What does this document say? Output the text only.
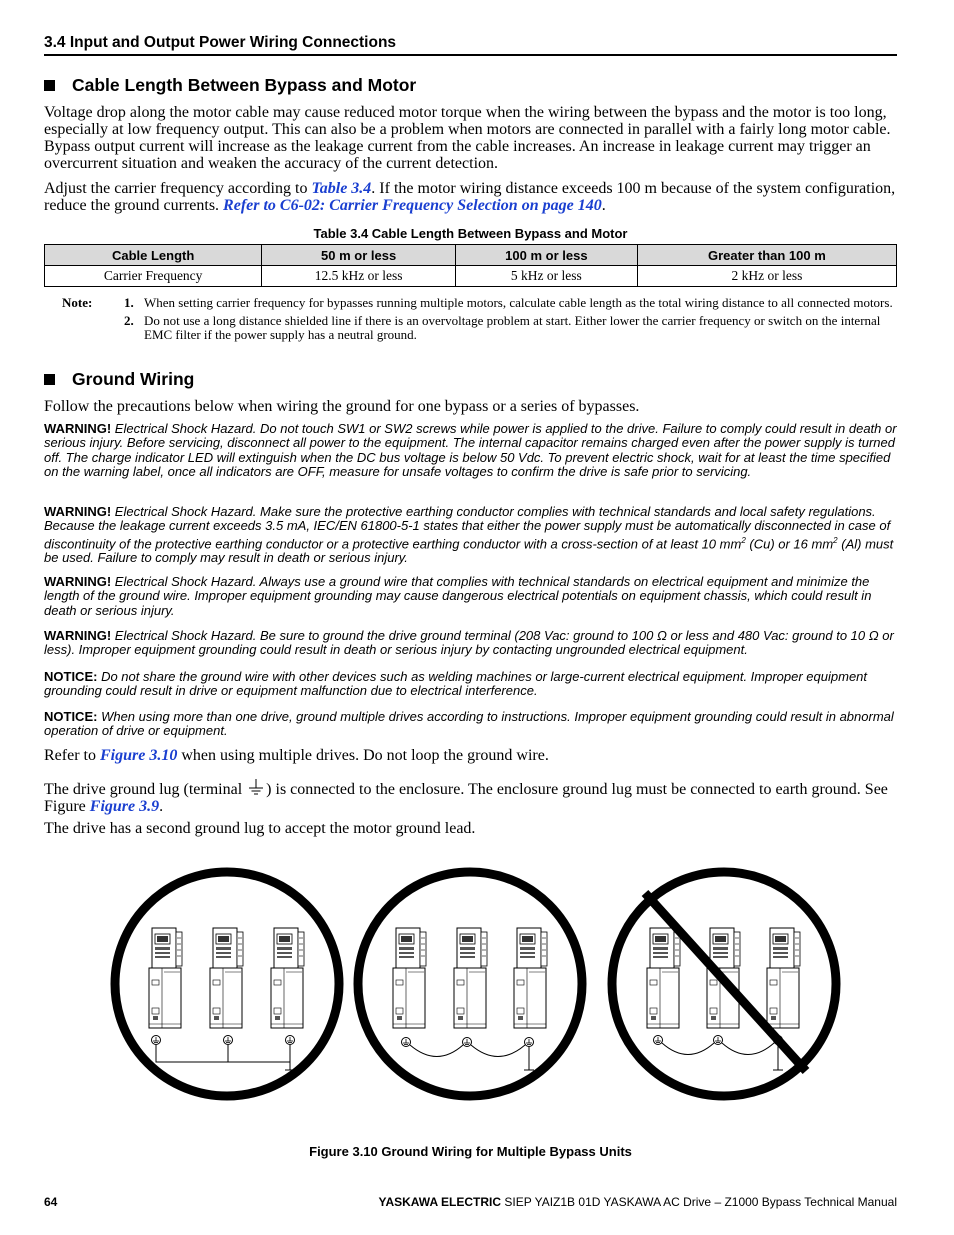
3.4 Input and Output Power Wiring Connections
Cable Length Between Bypass and Motor
Voltage drop along the motor cable may cause reduced motor torque when the wiring between the bypass and the motor is too long, especially at low frequency output. This can also be a problem when motors are connected in parallel with a fairly long motor cable. Bypass output current will increase as the leakage current from the cable increases. An increase in leakage current may trigger an overcurrent situation and weaken the accuracy of the current detection.
Adjust the carrier frequency according to Table 3.4. If the motor wiring distance exceeds 100 m because of the system configuration, reduce the ground currents. Refer to C6-02: Carrier Frequency Selection on page 140.
Table 3.4 Cable Length Between Bypass and Motor
Cable Length	50 m or less	100 m or less	Greater than 100 m
Carrier Frequency	12.5 kHz or less	5 kHz or less	2 kHz or less
Note:	1. When setting carrier frequency for bypasses running multiple motors, calculate cable length as the total wiring distance to all connected motors.
2. Do not use a long distance shielded line if there is an overvoltage problem at start. Either lower the carrier frequency or switch on the internal EMC filter if the power supply has a neutral ground.
Ground Wiring
Follow the precautions below when wiring the ground for one bypass or a series of bypasses.
WARNING! Electrical Shock Hazard. Do not touch SW1 or SW2 screws while power is applied to the drive. Failure to comply could result in death or serious injury. Before servicing, disconnect all power to the equipment. The internal capacitor remains charged even after the power supply is turned off. The charge indicator LED will extinguish when the DC bus voltage is below 50 Vdc. To prevent electric shock, wait for at least the time specified on the warning label, once all indicators are OFF, measure for unsafe voltages to confirm the drive is safe prior to servicing.
WARNING! Electrical Shock Hazard. Make sure the protective earthing conductor complies with technical standards and local safety regulations. Because the leakage current exceeds 3.5 mA, IEC/EN 61800-5-1 states that either the power supply must be automatically disconnected in case of discontinuity of the protective earthing conductor or a protective earthing conductor with a cross-section of at least 10 $mm^2$ (Cu) or 16 $mm^2$ (Al) must be used. Failure to comply may result in death or serious injury.
WARNING! Electrical Shock Hazard. Always use a ground wire that complies with technical standards on electrical equipment and minimize the length of the ground wire. Improper equipment grounding may cause dangerous electrical potentials on equipment chassis, which could result in death or serious injury.
WARNING! Electrical Shock Hazard. Be sure to ground the drive ground terminal (208 Vac: ground to 100 Ω or less and 480 Vac: ground to 10 Ω or less). Improper equipment grounding could result in death or serious injury by contacting ungrounded electrical equipment.
NOTICE: Do not share the ground wire with other devices such as welding machines or large-current electrical equipment. Improper equipment grounding could result in drive or equipment malfunction due to electrical interference.
NOTICE: When using more than one drive, ground multiple drives according to instructions. Improper equipment grounding could result in abnormal operation of drive or equipment.
Refer to Figure 3.10 when using multiple drives. Do not loop the ground wire.
The drive ground lug (terminal ) is connected to the enclosure. The enclosure ground lug must be connected to earth ground. See Figure Figure 3.9.
The drive has a second ground lug to accept the motor ground lead.
Figure 3.10 Ground Wiring for Multiple Bypass Units
64	YASKAWA ELECTRIC SIEP YAIZ1B 01D YASKAWA AC Drive – Z1000 Bypass Technical Manual
